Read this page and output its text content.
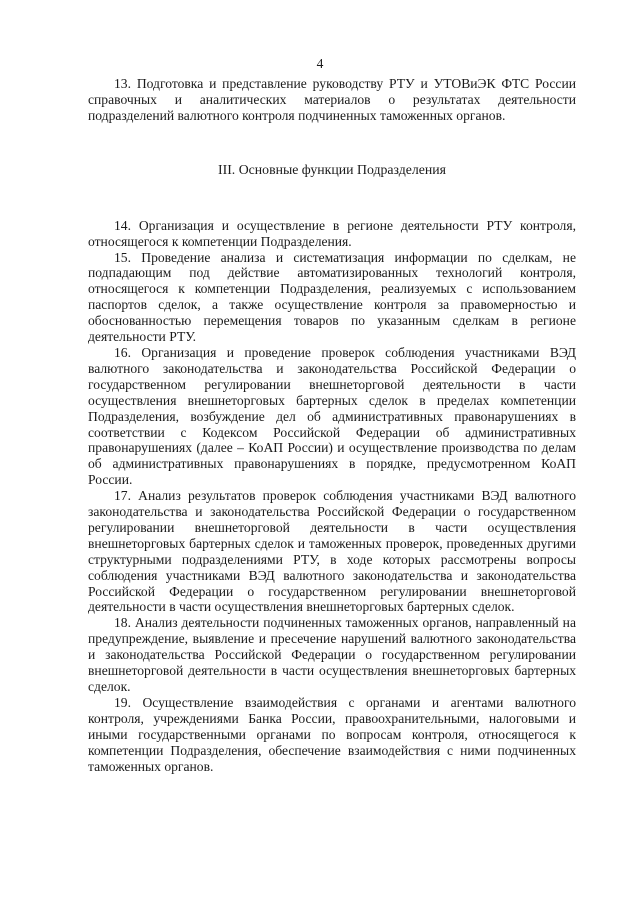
4

13. Подготовка и представление руководству РТУ и УТОВиЭК ФТС России справочных и аналитических материалов о результатах деятельности подразделений валютного контроля подчиненных таможенных органов.

III. Основные функции Подразделения

14. Организация и осуществление в регионе деятельности РТУ контроля, относящегося к компетенции Подразделения.

15. Проведение анализа и систематизация информации по сделкам, не подпадающим под действие автоматизированных технологий контроля, относящегося к компетенции Подразделения, реализуемых с использованием паспортов сделок, а также осуществление контроля за правомерностью и обоснованностью перемещения товаров по указанным сделкам в регионе деятельности РТУ.

16. Организация и проведение проверок соблюдения участниками ВЭД валютного законодательства и законодательства Российской Федерации о государственном регулировании внешнеторговой деятельности в части осуществления внешнеторговых бартерных сделок в пределах компетенции Подразделения, возбуждение дел об административных правонарушениях в соответствии с Кодексом Российской Федерации об административных правонарушениях (далее – КоАП России) и осуществление производства по делам об административных правонарушениях в порядке, предусмотренном КоАП России.

17. Анализ результатов проверок соблюдения участниками ВЭД валютного законодательства и законодательства Российской Федерации о государственном регулировании внешнеторговой деятельности в части осуществления внешнеторговых бартерных сделок и таможенных проверок, проведенных другими структурными подразделениями РТУ, в ходе которых рассмотрены вопросы соблюдения участниками ВЭД валютного законодательства и законодательства Российской Федерации о государственном регулировании внешнеторговой деятельности в части осуществления внешнеторговых бартерных сделок.

18. Анализ деятельности подчиненных таможенных органов, направленный на предупреждение, выявление и пресечение нарушений валютного законодательства и законодательства Российской Федерации о государственном регулировании внешнеторговой деятельности в части осуществления внешнеторговых бартерных сделок.

19. Осуществление взаимодействия с органами и агентами валютного контроля, учреждениями Банка России, правоохранительными, налоговыми и иными государственными органами по вопросам контроля, относящегося к компетенции Подразделения, обеспечение взаимодействия с ними подчиненных таможенных органов.
